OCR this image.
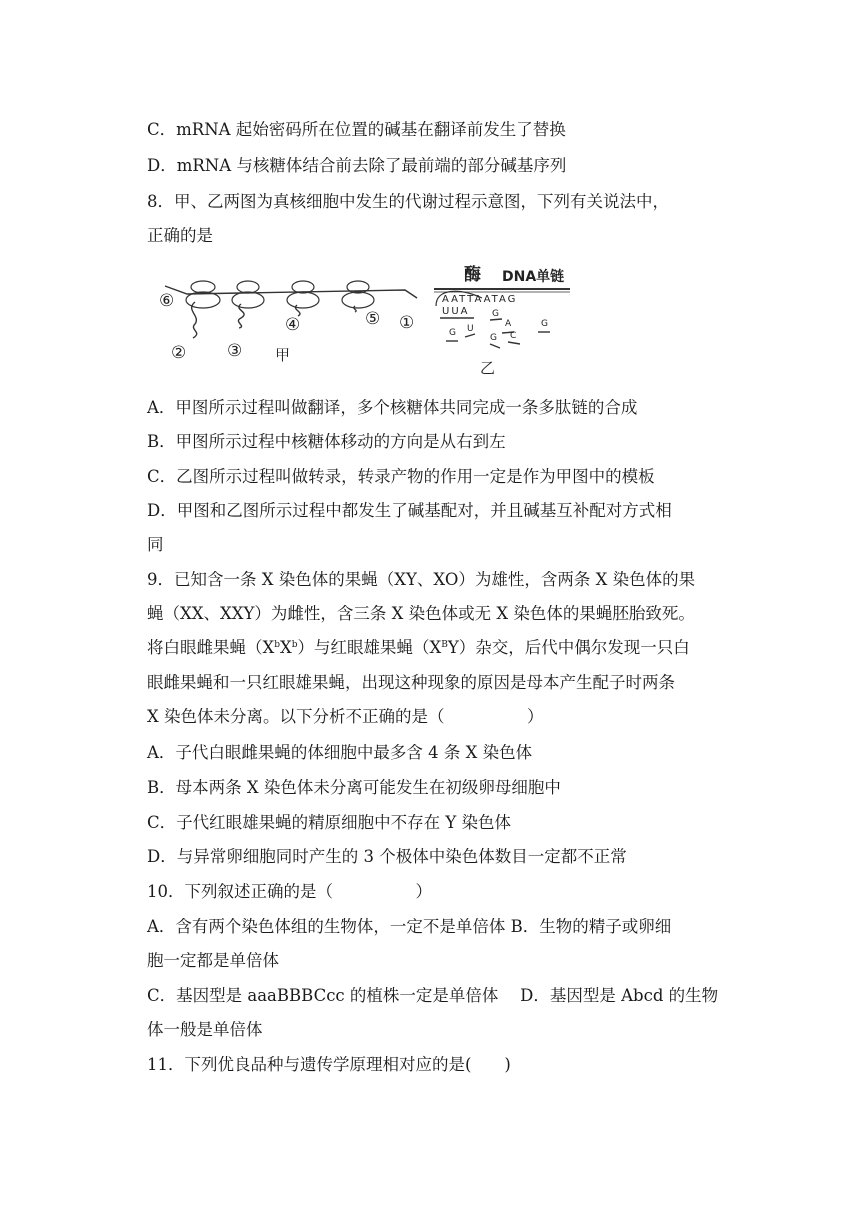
C．mRNA 起始密码所在位置的碱基在翻译前发生了替换
D．mRNA 与核糖体结合前去除了最前端的部分碱基序列
8．甲、乙两图为真核细胞中发生的代谢过程示意图，下列有关说法中，
正确的是
⑥
② ③
④	⑤ ①
甲
酶 DNA单链
AATTAATAG
UUA	G
G U	A
G C
G
乙
A．甲图所示过程叫做翻译，多个核糖体共同完成一条多肽链的合成
B．甲图所示过程中核糖体移动的方向是从右到左
C．乙图所示过程叫做转录，转录产物的作用一定是作为甲图中的模板
D．甲图和乙图所示过程中都发生了碱基配对，并且碱基互补配对方式相
同
9．已知含一条 X 染色体的果蝇（XY、XO）为雄性，含两条 X 染色体的果
蝇（XX、XXY）为雌性，含三条 X 染色体或无 X 染色体的果蝇胚胎致死。
将白眼雌果蝇$(X^bX^b)$与红眼雄果蝇$(X^BY)$杂交，后代中偶尔发现一只白
眼雌果蝇和一只红眼雄果蝇，出现这种现象的原因是母本产生配子时两条
X 染色体未分离。以下分析不正确的是（　　　　　）
A．子代白眼雌果蝇的体细胞中最多含 4 条 X 染色体
B．母本两条 X 染色体未分离可能发生在初级卵母细胞中
C．子代红眼雄果蝇的精原细胞中不存在 Y 染色体
D．与异常卵细胞同时产生的 3 个极体中染色体数目一定都不正常
10．下列叙述正确的是（　　　　　）
A．含有两个染色体组的生物体，一定不是单倍体 B．生物的精子或卵细
胞一定都是单倍体
C．基因型是 aaaBBBCcc 的植株一定是单倍体　 D．基因型是 Abcd 的生物
体一般是单倍体
11．下列优良品种与遗传学原理相对应的是(　　)
